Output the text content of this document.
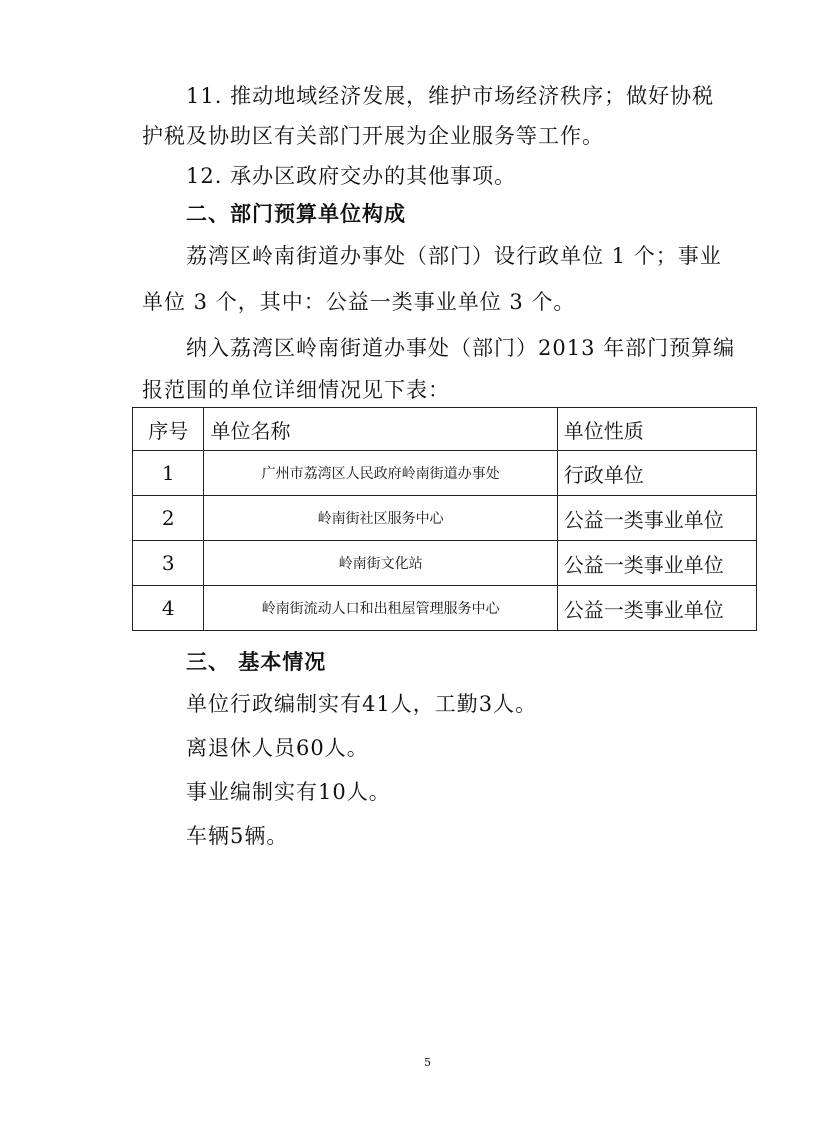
11. 推动地域经济发展，维护市场经济秩序；做好协税
护税及协助区有关部门开展为企业服务等工作。
12. 承办区政府交办的其他事项。
二、部门预算单位构成
荔湾区岭南街道办事处（部门）设行政单位 1 个；事业
单位 3 个，其中：公益一类事业单位 3 个。
纳入荔湾区岭南街道办事处（部门）2013 年部门预算编
报范围的单位详细情况见下表：
序号	单位名称	单位性质
1	广州市荔湾区人民政府岭南街道办事处	行政单位
2	岭南街社区服务中心	公益一类事业单位
3	岭南街文化站	公益一类事业单位
4	岭南街流动人口和出租屋管理服务中心	公益一类事业单位
三、 基本情况
单位行政编制实有41人，工勤3人。
离退休人员60人。
事业编制实有10人。
车辆5辆。
5
